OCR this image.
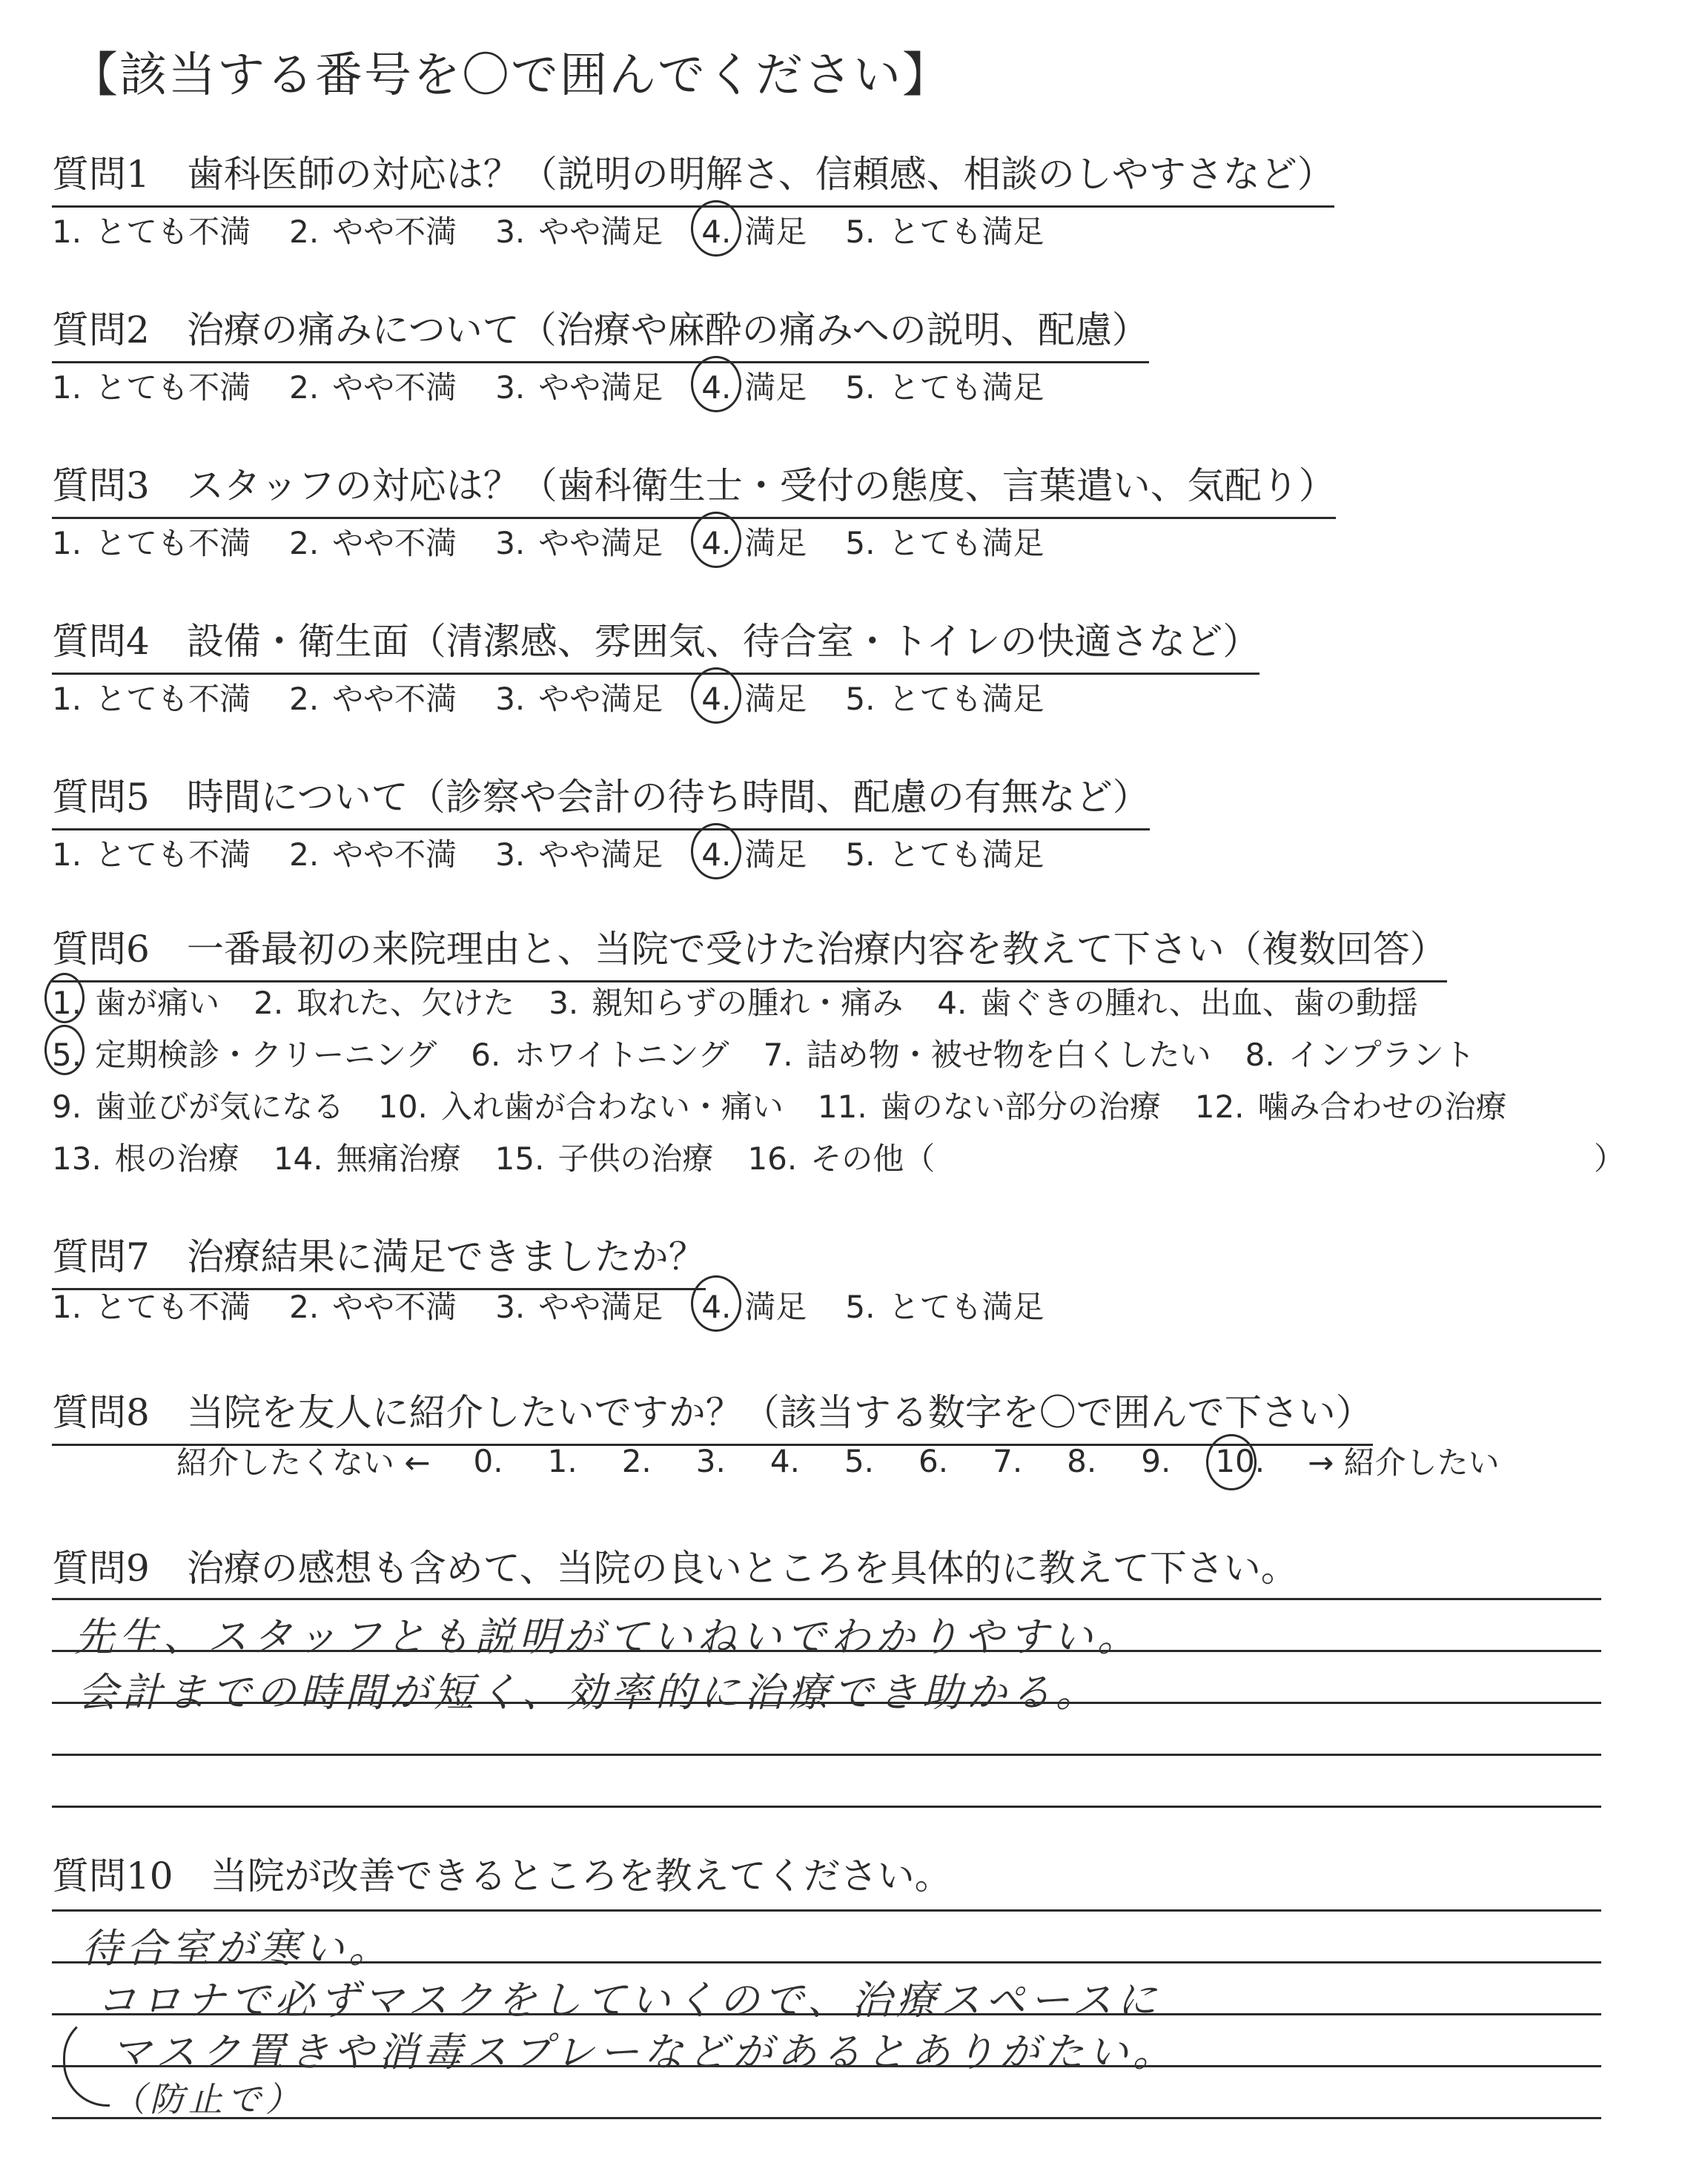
【該当する番号を〇で囲んでください】
質問1 歯科医師の対応は？（説明の明解さ、信頼感、相談のしやすさなど）
1. とても不満 2. やや不満 3. やや満足 4. 満足 5. とても満足
質問2 治療の痛みについて（治療や麻酔の痛みへの説明、配慮）
1. とても不満 2. やや不満 3. やや満足 4. 満足 5. とても満足
質問3 スタッフの対応は？（歯科衛生士・受付の態度、言葉遣い、気配り）
1. とても不満 2. やや不満 3. やや満足 4. 満足 5. とても満足
質問4 設備・衛生面（清潔感、雰囲気、待合室・トイレの快適さなど）
1. とても不満 2. やや不満 3. やや満足 4. 満足 5. とても満足
質問5 時間について（診察や会計の待ち時間、配慮の有無など）
1. とても不満 2. やや不満 3. やや満足 4. 満足 5. とても満足
質問6 一番最初の来院理由と、当院で受けた治療内容を教えて下さい（複数回答）
1. 歯が痛い 2. 取れた、欠けた 3. 親知らずの腫れ・痛み 4. 歯ぐきの腫れ、出血、歯の動揺
5. 定期検診・クリーニング 6. ホワイトニング 7. 詰め物・被せ物を白くしたい 8. インプラント
9. 歯並びが気になる 10. 入れ歯が合わない・痛い 11. 歯のない部分の治療 12. 噛み合わせの治療
13. 根の治療 14. 無痛治療 15. 子供の治療 16. その他（	）
質問7 治療結果に満足できましたか？
1. とても不満 2. やや不満 3. やや満足 4. 満足 5. とても満足
質問8 当院を友人に紹介したいですか？（該当する数字を〇で囲んで下さい）
紹介したくない ← 0. 1. 2. 3. 4. 5. 6. 7. 8. 9. 10. → 紹介したい
質問9 治療の感想も含めて、当院の良いところを具体的に教えて下さい。
先生、スタッフとも説明がていねいでわかりやすい。
会計までの時間が短く、効率的に治療でき助かる。
質問10 当院が改善できるところを教えてください。
待合室が寒い。
コロナで必ずマスクをしていくので、治療スペースに
マスク置きや消毒スプレーなどがあるとありがたい。
（防止で）
